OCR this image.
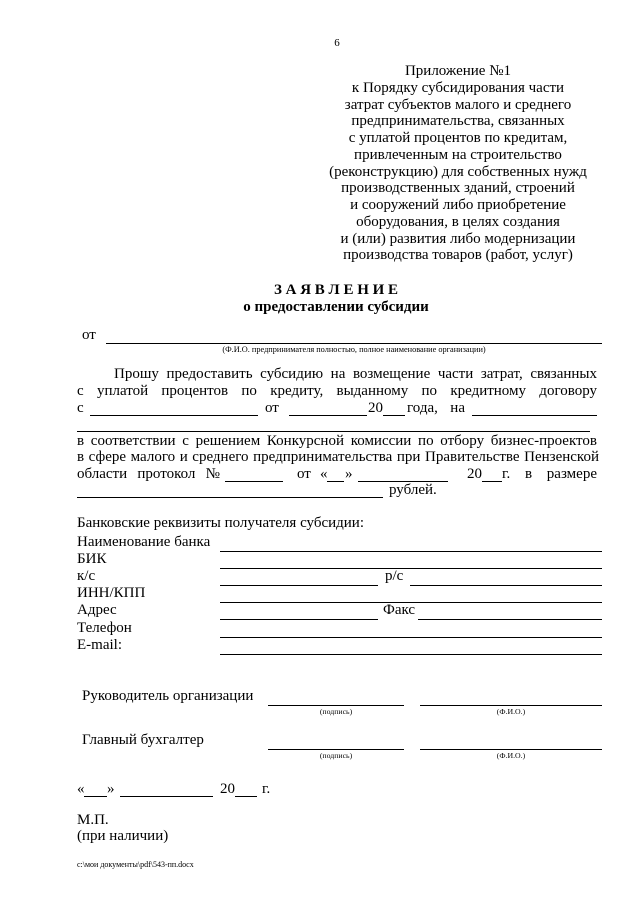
6
Приложение №1
к Порядку субсидирования части
затрат субъектов малого и среднего
предпринимательства, связанных
с уплатой процентов по кредитам,
привлеченным на строительство
(реконструкцию) для собственных нужд
производственных зданий, строений
и сооружений либо приобретение
оборудования, в целях создания
и (или) развития либо модернизации
производства товаров (работ, услуг)
З А Я В Л Е Н И Е
о предоставлении субсидии
от
(Ф.И.О. предпринимателя полностью, полное наименование организации)
Прошу предоставить субсидию на возмещение части затрат, связанных
с уплатой процентов по кредиту, выданному по кредитному договору
с	от	20 года, на
в соответствии с решением Конкурсной комиссии по отбору бизнес-проектов
в сфере малого и среднего предпринимательства при Правительстве Пензенской
области протокол №	от « »	20 г. в размере
рублей.
Банковские реквизиты получателя субсидии:
Наименование банка
БИК
к/с	р/с
ИНН/КПП
Адрес	Факс
Телефон
E-mail:
Руководитель организации
(подпись)	(Ф.И.О.)
Главный бухгалтер
(подпись)	(Ф.И.О.)
« »	20 г.
М.П.
(при наличии)
c:\мои документы\pdf\543-пп.docx
